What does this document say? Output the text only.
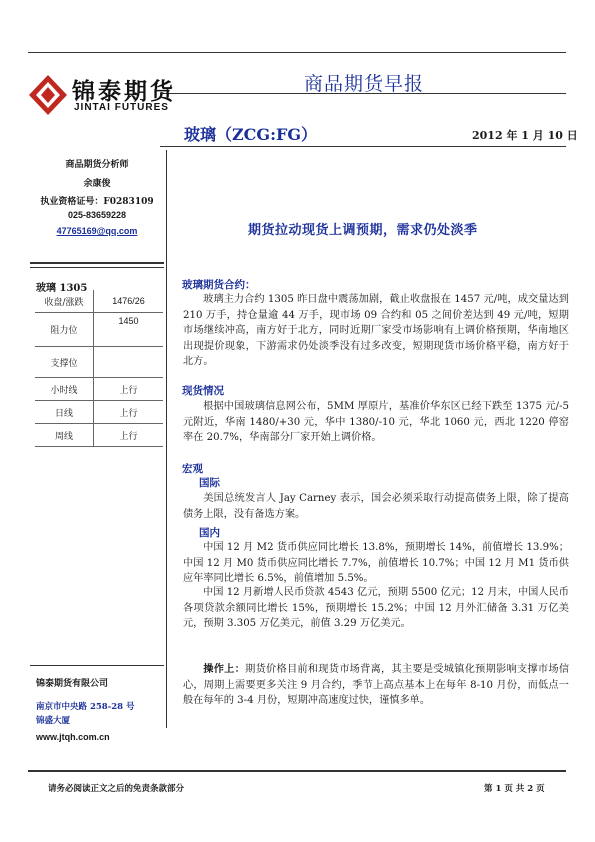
锦泰期货
JINTAI FUTURES
商品期货早报
玻璃（ZCG:FG）	2012 年 1 月 10 日
商品期货分析师
余康俊
执业资格证号：F0283109
025-83659228
47765169@qq.com
玻璃 1305
收盘/涨跌	1476/26
阻力位	1450
支撑位	
小时线	上行
日线	上行
周线	上行
期货拉动现货上调预期，需求仍处淡季
玻璃期货合约：
玻璃主力合约 1305 昨日盘中震荡加剧，截止收盘报在 1457 元/吨，成交量达到 210 万手，持仓量逾 44 万手，现市场 09 合约和 05 之间价差达到 49 元/吨，短期市场继续冲高，南方好于北方，同时近期厂家受市场影响有上调价格预期，华南地区出现提价现象，下游需求仍处淡季没有过多改变，短期现货市场价格平稳，南方好于北方。
现货情况
根据中国玻璃信息网公布，5MM 厚原片，基准价华东区已经下跌至 1375 元/-5 元附近，华南 1480/+30 元，华中 1380/-10 元，华北 1060 元，西北 1220 停窑率在 20.7%，华南部分厂家开始上调价格。
宏观
国际
美国总统发言人 Jay Carney 表示，国会必须采取行动提高债务上限，除了提高债务上限，没有备选方案。
国内
中国 12 月 M2 货币供应同比增长 13.8%，预期增长 14%，前值增长 13.9%；中国 12 月 M0 货币供应同比增长 7.7%，前值增长 10.7%；中国 12 月 M1 货币供应年率同比增长 6.5%，前值增加 5.5%。
中国 12 月新增人民币贷款 4543 亿元，预期 5500 亿元；12 月末，中国人民币各项贷款余额同比增长 15%，预期增长 15.2%；中国 12 月外汇储备 3.31 万亿美元，预期 3.305 万亿美元，前值 3.29 万亿美元。
操作上：期货价格目前和现货市场背离，其主要是受城镇化预期影响支撑市场信心，周期上需要更多关注 9 月合约，季节上高点基本上在每年 8-10 月份，而低点一般在每年的 3-4 月份，短期冲高速度过快，谨慎多单。
锦泰期货有限公司
南京市中央路 258-28 号
锦盛大厦
www.jtqh.com.cn
请务必阅读正文之后的免责条款部分	第 1 页 共 2 页
